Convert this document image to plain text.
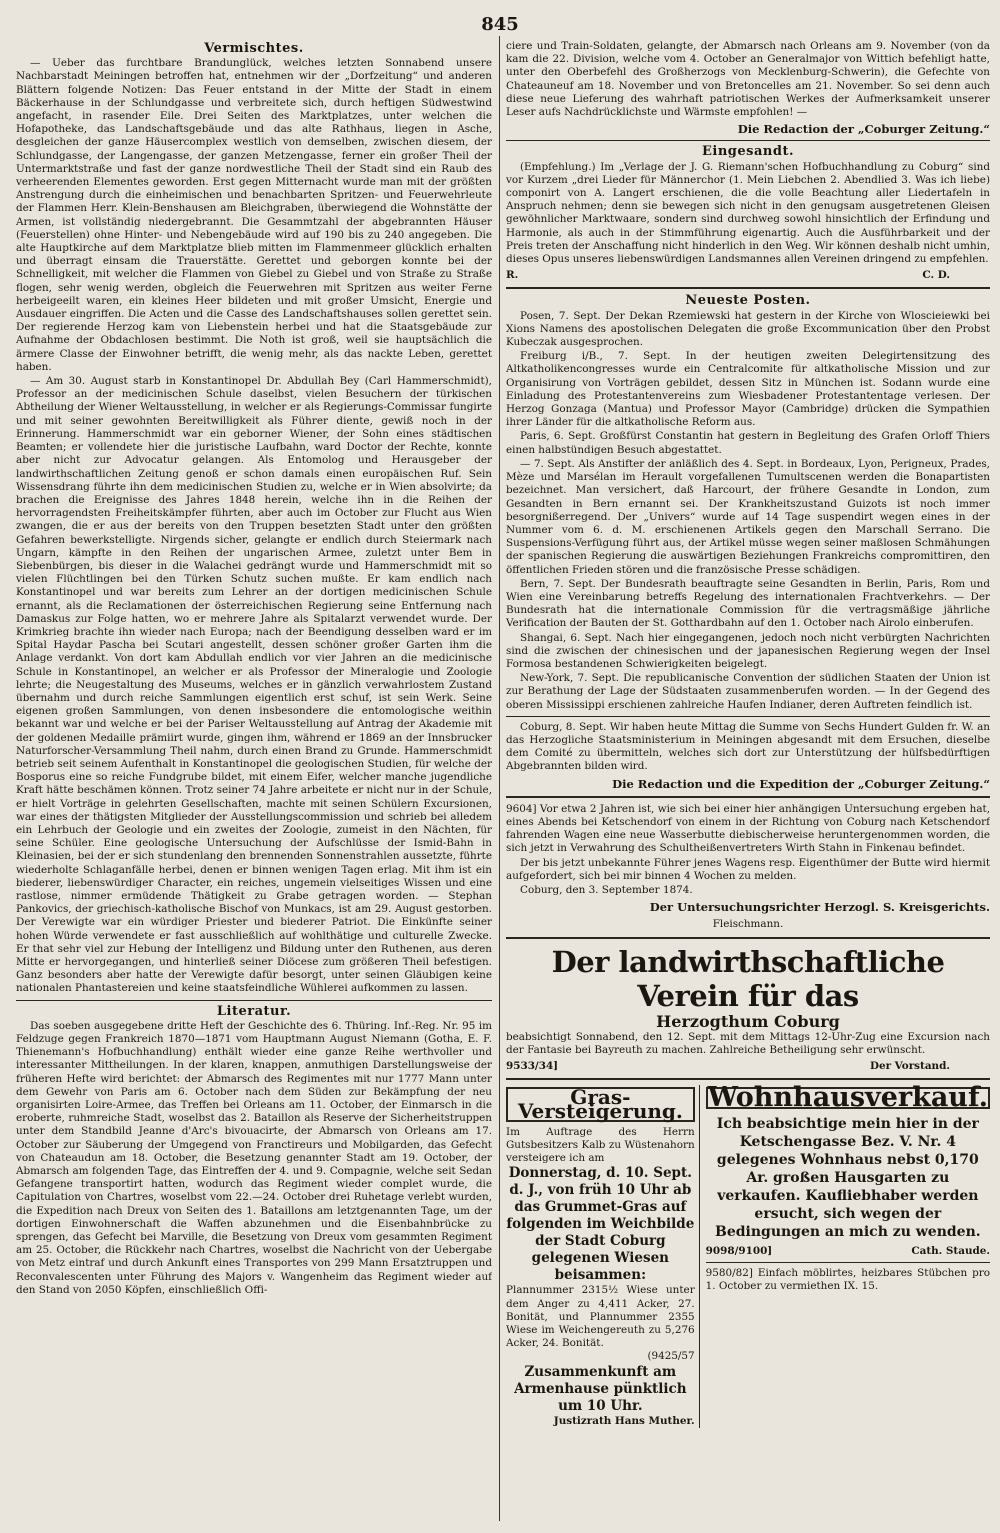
845
Vermischtes.

— Ueber das furchtbare Brandunglück, welches letzten Sonnabend unsere Nachbarstadt Meiningen betroffen hat, entnehmen wir der „Dorfzeitung“ und anderen Blättern folgende Notizen: Das Feuer entstand in der Mitte der Stadt in einem Bäckerhause in der Schlundgasse und verbreitete sich, durch heftigen Südwestwind angefacht, in rasender Eile. Drei Seiten des Marktplatzes, unter welchen die Hofapotheke, das Landschaftsgebäude und das alte Rathhaus, liegen in Asche, desgleichen der ganze Häusercomplex westlich von demselben, zwischen diesem, der Schlundgasse, der Langengasse, der ganzen Metzengasse, ferner ein großer Theil der Untermarktstraße und fast der ganze nordwestliche Theil der Stadt sind ein Raub des verheerenden Elementes geworden. Erst gegen Mitternacht wurde man mit der größten Anstrengung durch die einheimischen und benachbarten Spritzen- und Feuerwehrleute der Flammen Herr. Klein-Benshausen am Bleichgraben, überwiegend die Wohnstätte der Armen, ist vollständig niedergebrannt. Die Gesammtzahl der abgebrannten Häuser (Feuerstellen) ohne Hinter- und Nebengebäude wird auf 190 bis zu 240 angegeben. Die alte Hauptkirche auf dem Marktplatze blieb mitten im Flammenmeer glücklich erhalten und überragt einsam die Trauerstätte. Gerettet und geborgen konnte bei der Schnelligkeit, mit welcher die Flammen von Giebel zu Giebel und von Straße zu Straße flogen, sehr wenig werden, obgleich die Feuerwehren mit Spritzen aus weiter Ferne herbeigeeilt waren, ein kleines Heer bildeten und mit großer Umsicht, Energie und Ausdauer eingriffen. Die Acten und die Casse des Landschaftshauses sollen gerettet sein. Der regierende Herzog kam von Liebenstein herbei und hat die Staatsgebäude zur Aufnahme der Obdachlosen bestimmt. Die Noth ist groß, weil sie hauptsächlich die ärmere Classe der Einwohner betrifft, die wenig mehr, als das nackte Leben, gerettet haben.

— Am 30. August starb in Konstantinopel Dr. Abdullah Bey (Carl Hammerschmidt), Professor an der medicinischen Schule daselbst, vielen Besuchern der türkischen Abtheilung der Wiener Weltausstellung, in welcher er als Regierungs-Commissar fungirte und mit seiner gewohnten Bereitwilligkeit als Führer diente, gewiß noch in der Erinnerung. Hammerschmidt war ein geborner Wiener, der Sohn eines städtischen Beamten; er vollendete hier die juristische Laufbahn, ward Doctor der Rechte, konnte aber nicht zur Advocatur gelangen. Als Entomolog und Herausgeber der landwirthschaftlichen Zeitung genoß er schon damals einen europäischen Ruf. Sein Wissensdrang führte ihn dem medicinischen Studien zu, welche er in Wien absolvirte; da brachen die Ereignisse des Jahres 1848 herein, welche ihn in die Reihen der hervorragendsten Freiheitskämpfer führten, aber auch im October zur Flucht aus Wien zwangen, die er aus der bereits von den Truppen besetzten Stadt unter den größten Gefahren bewerkstelligte. Nirgends sicher, gelangte er endlich durch Steiermark nach Ungarn, kämpfte in den Reihen der ungarischen Armee, zuletzt unter Bem in Siebenbürgen, bis dieser in die Walachei gedrängt wurde und Hammerschmidt mit so vielen Flüchtlingen bei den Türken Schutz suchen mußte. Er kam endlich nach Konstantinopel und war bereits zum Lehrer an der dortigen medicinischen Schule ernannt, als die Reclamationen der österreichischen Regierung seine Entfernung nach Damaskus zur Folge hatten, wo er mehrere Jahre als Spitalarzt verwendet wurde. Der Krimkrieg brachte ihn wieder nach Europa; nach der Beendigung desselben ward er im Spital Haydar Pascha bei Scutari angestellt, dessen schöner großer Garten ihm die Anlage verdankt. Von dort kam Abdullah endlich vor vier Jahren an die medicinische Schule in Konstantinopel, an welcher er als Professor der Mineralogie und Zoologie lehrte; die Neugestaltung des Museums, welches er in gänzlich verwahrlostem Zustand übernahm und durch reiche Sammlungen eigentlich erst schuf, ist sein Werk. Seine eigenen großen Sammlungen, von denen insbesondere die entomologische weithin bekannt war und welche er bei der Pariser Weltausstellung auf Antrag der Akademie mit der goldenen Medaille prämiirt wurde, gingen ihm, während er 1869 an der Innsbrucker Naturforscher-Versammlung Theil nahm, durch einen Brand zu Grunde. Hammerschmidt betrieb seit seinem Aufenthalt in Konstantinopel die geologischen Studien, für welche der Bosporus eine so reiche Fundgrube bildet, mit einem Eifer, welcher manche jugendliche Kraft hätte beschämen können. Trotz seiner 74 Jahre arbeitete er nicht nur in der Schule, er hielt Vorträge in gelehrten Gesellschaften, machte mit seinen Schülern Excursionen, war eines der thätigsten Mitglieder der Ausstellungscommission und schrieb bei alledem ein Lehrbuch der Geologie und ein zweites der Zoologie, zumeist in den Nächten, für seine Schüler. Eine geologische Untersuchung der Aufschlüsse der Ismid-Bahn in Kleinasien, bei der er sich stundenlang den brennenden Sonnenstrahlen aussetzte, führte wiederholte Schlaganfälle herbei, denen er binnen wenigen Tagen erlag. Mit ihm ist ein biederer, liebenswürdiger Character, ein reiches, ungemein vielseitiges Wissen und eine rastlose, nimmer ermüdende Thätigkeit zu Grabe getragen worden. — Stephan Pankovics, der griechisch-katholische Bischof von Munkacs, ist am 29. August gestorben. Der Verewigte war ein würdiger Priester und biederer Patriot. Die Einkünfte seiner hohen Würde verwendete er fast ausschließlich auf wohlthätige und culturelle Zwecke. Er that sehr viel zur Hebung der Intelligenz und Bildung unter den Ruthenen, aus deren Mitte er hervorgegangen, und hinterließ seiner Diöcese zum größeren Theil befestigen. Ganz besonders aber hatte der Verewigte dafür besorgt, unter seinen Gläubigen keine nationalen Phantastereien und keine staatsfeindliche Wühlerei aufkommen zu lassen.

Literatur.

Das soeben ausgegebene dritte Heft der Geschichte des 6. Thüring. Inf.-Reg. Nr. 95 im Feldzuge gegen Frankreich 1870—1871 vom Hauptmann August Niemann (Gotha, E. F. Thienemann's Hofbuchhandlung) enthält wieder eine ganze Reihe werthvoller und interessanter Mittheilungen. In der klaren, knappen, anmuthigen Darstellungsweise der früheren Hefte wird berichtet: der Abmarsch des Regimentes mit nur 1777 Mann unter dem Gewehr von Paris am 6. October nach dem Süden zur Bekämpfung der neu organisirten Loire-Armee, das Treffen bei Orleans am 11. October, der Einmarsch in die eroberte, ruhmreiche Stadt, woselbst das 2. Bataillon als Reserve der Sicherheitstruppen unter dem Standbild Jeanne d'Arc's bivouacirte, der Abmarsch von Orleans am 17. October zur Säuberung der Umgegend von Franctireurs und Mobilgarden, das Gefecht von Chateaudun am 18. October, die Besetzung genannter Stadt am 19. October, der Abmarsch am folgenden Tage, das Eintreffen der 4. und 9. Compagnie, welche seit Sedan Gefangene transportirt hatten, wodurch das Regiment wieder complet wurde, die Capitulation von Chartres, woselbst vom 22.—24. October drei Ruhetage verlebt wurden, die Expedition nach Dreux von Seiten des 1. Bataillons am letztgenannten Tage, um der dortigen Einwohnerschaft die Waffen abzunehmen und die Eisenbahnbrücke zu sprengen, das Gefecht bei Marville, die Besetzung von Dreux vom gesammten Regiment am 25. October, die Rückkehr nach Chartres, woselbst die Nachricht von der Uebergabe von Metz eintraf und durch Ankunft eines Transportes von 299 Mann Ersatztruppen und Reconvalescenten unter Führung des Majors v. Wangenheim das Regiment wieder auf den Stand von 2050 Köpfen, einschließlich Offi-

ciere und Train-Soldaten, gelangte, der Abmarsch nach Orleans am 9. November (von da kam die 22. Division, welche vom 4. October an Generalmajor von Wittich befehligt hatte, unter den Oberbefehl des Großherzogs von Mecklenburg-Schwerin), die Gefechte von Chateauneuf am 18. November und von Bretoncelles am 21. November. So sei denn auch diese neue Lieferung des wahrhaft patriotischen Werkes der Aufmerksamkeit unserer Leser aufs Nachdrücklichste und Wärmste empfohlen! —

Die Redaction der „Coburger Zeitung.“
Eingesandt.

(Empfehlung.) Im „Verlage der J. G. Riemann'schen Hofbuchhandlung zu Coburg“ sind vor Kurzem „drei Lieder für Männerchor (1. Mein Liebchen 2. Abendlied 3. Was ich liebe) componirt von A. Langert erschienen, die die volle Beachtung aller Liedertafeln in Anspruch nehmen; denn sie bewegen sich nicht in den genugsam ausgetretenen Gleisen gewöhnlicher Marktwaare, sondern sind durchweg sowohl hinsichtlich der Erfindung und Harmonie, als auch in der Stimmführung eigenartig. Auch die Ausführbarkeit und der Preis treten der Anschaffung nicht hinderlich in den Weg. Wir können deshalb nicht umhin, dieses Opus unseres liebenswürdigen Landsmannes allen Vereinen dringend zu empfehlen.

R.	C. D.
Neueste Posten.

Posen, 7. Sept. Der Dekan Rzemiewski hat gestern in der Kirche von Wloscieiewki bei Xions Namens des apostolischen Delegaten die große Excommunication über den Probst Kubeczak ausgesprochen.

Freiburg i/B., 7. Sept. In der heutigen zweiten Delegirtensitzung des Altkatholikencongresses wurde ein Centralcomite für altkatholische Mission und zur Organisirung von Vorträgen gebildet, dessen Sitz in München ist. Sodann wurde eine Einladung des Protestantenvereins zum Wiesbadener Protestantentage verlesen. Der Herzog Gonzaga (Mantua) und Professor Mayor (Cambridge) drücken die Sympathien ihrer Länder für die altkatholische Reform aus.

Paris, 6. Sept. Großfürst Constantin hat gestern in Begleitung des Grafen Orloff Thiers einen halbstündigen Besuch abgestattet.

— 7. Sept. Als Anstifter der anläßlich des 4. Sept. in Bordeaux, Lyon, Perigneux, Prades, Mèze und Marsélan im Herault vorgefallenen Tumultscenen werden die Bonapartisten bezeichnet. Man versichert, daß Harcourt, der frühere Gesandte in London, zum Gesandten in Bern ernannt sei. Der Krankheitszustand Guizots ist noch immer besorgnißerregend. Der „Univers“ wurde auf 14 Tage suspendirt wegen eines in der Nummer vom 6. d. M. erschienenen Artikels gegen den Marschall Serrano. Die Suspensions-Verfügung führt aus, der Artikel müsse wegen seiner maßlosen Schmähungen der spanischen Regierung die auswärtigen Beziehungen Frankreichs compromittiren, den öffentlichen Frieden stören und die französische Presse schädigen.

Bern, 7. Sept. Der Bundesrath beauftragte seine Gesandten in Berlin, Paris, Rom und Wien eine Vereinbarung betreffs Regelung des internationalen Frachtverkehrs. — Der Bundesrath hat die internationale Commission für die vertragsmäßige jährliche Verification der Bauten der St. Gotthardbahn auf den 1. October nach Airolo einberufen.

Shangai, 6. Sept. Nach hier eingegangenen, jedoch noch nicht verbürgten Nachrichten sind die zwischen der chinesischen und der japanesischen Regierung wegen der Insel Formosa bestandenen Schwierigkeiten beigelegt.

New-York, 7. Sept. Die republicanische Convention der südlichen Staaten der Union ist zur Berathung der Lage der Südstaaten zusammenberufen worden. — In der Gegend des oberen Mississippi erschienen zahlreiche Haufen Indianer, deren Auftreten feindlich ist.

Coburg, 8. Sept. Wir haben heute Mittag die Summe von Sechs Hundert Gulden fr. W. an das Herzogliche Staatsministerium in Meiningen abgesandt mit dem Ersuchen, dieselbe dem Comité zu übermitteln, welches sich dort zur Unterstützung der hülfsbedürftigen Abgebrannten bilden wird.

Die Redaction und die Expedition der „Coburger Zeitung.“

9604] Vor etwa 2 Jahren ist, wie sich bei einer hier anhängigen Untersuchung ergeben hat, eines Abends bei Ketschendorf von einem in der Richtung von Coburg nach Ketschendorf fahrenden Wagen eine neue Wasserbutte diebischerweise heruntergenommen worden, die sich jetzt in Verwahrung des Schultheißenvertreters Wirth Stahn in Finkenau befindet.

Der bis jetzt unbekannte Führer jenes Wagens resp. Eigenthümer der Butte wird hiermit aufgefordert, sich bei mir binnen 4 Wochen zu melden.

Coburg, den 3. September 1874.

Der Untersuchungsrichter Herzogl. S. Kreisgerichts.
Fleischmann.
Der landwirthschaftliche Verein für das
Herzogthum Coburg

beabsichtigt Sonnabend, den 12. Sept. mit dem Mittags 12-Uhr-Zug eine Excursion nach der Fantasie bei Bayreuth zu machen. Zahlreiche Betheiligung sehr erwünscht.

9533/34]	Der Vorstand.
Gras-Versteigerung.
Im Auftrage des Herrn Gutsbesitzers Kalb zu Wüstenahorn versteigere ich am
Donnerstag, d. 10. Sept. d. J., von früh 10 Uhr ab das Grummet-Gras auf folgenden im Weichbilde der Stadt Coburg gelegenen Wiesen beisammen:
Plannummer 2315½ Wiese unter dem Anger zu 4,411 Acker, 27. Bonität, und Plannummer 2355 Wiese im Weichengereuth zu 5,276 Acker, 24. Bonität.
(9425/57
Zusammenkunft am Armenhause pünktlich um 10 Uhr.
Justizrath Hans Muther.
Wohnhausverkauf.
Ich beabsichtige mein hier in der Ketschengasse Bez. V. Nr. 4 gelegenes Wohnhaus nebst 0,170 Ar. großen Hausgarten zu verkaufen. Kaufliebhaber werden ersucht, sich wegen der Bedingungen an mich zu wenden.
9098/9100]	Cath. Staude.
9580/82] Einfach möblirtes, heizbares Stübchen pro 1. October zu vermiethen IX. 15.
